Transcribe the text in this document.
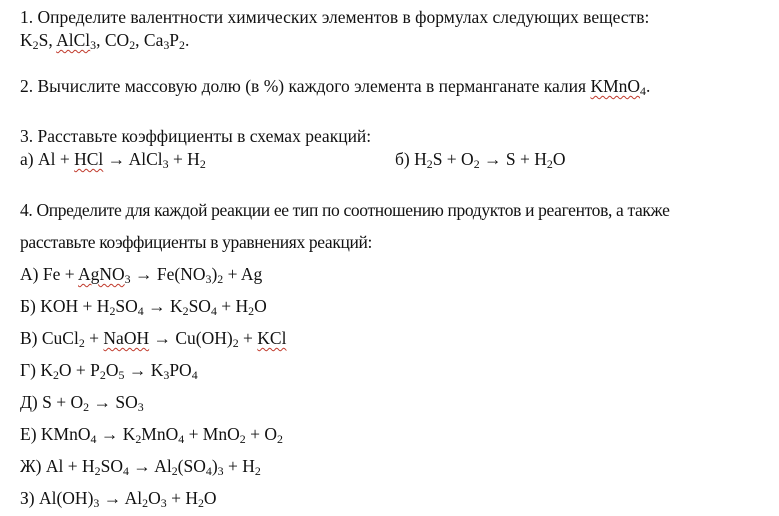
1. Определите валентности химических элементов в формулах следующих веществ:
$K_2S$, AlCl$_3$, $CO_2$, $Ca_3P_2$.
2. Вычислите массовую долю (в %) каждого элемента в перманганате калия KMnO$_4$.
3. Расставьте коэффициенты в схемах реакций:
а) Al + HCl → AlCl$_3$ + $H_2$	б) $H_2S + O_2 \to S + H_2O$
4. Определите для каждой реакции ее тип по соотношению продуктов и реагентов, а также
расставьте коэффициенты в уравнениях реакций:
А) Fe + AgNO$_3$ → $Fe(NO_3)_2 + Ag$
Б) KOH + $H_2SO_4 \to K_2SO_4 + H_2O$
В) CuCl$_2$ + NaOH → $Cu(OH)_2$ + KCl
Г) $K_2O + P_2O_5 \to K_3PO_4$
Д) $S + O_2 \to SO_3$
Е) KMnO$_4$ → $K_2MnO_4 + MnO_2 + O_2$
Ж) $Al + H_2SO_4 \to Al_2(SO_4)_3 + H_2$
З) $Al(OH)_3 \to Al_2O_3 + H_2O$
